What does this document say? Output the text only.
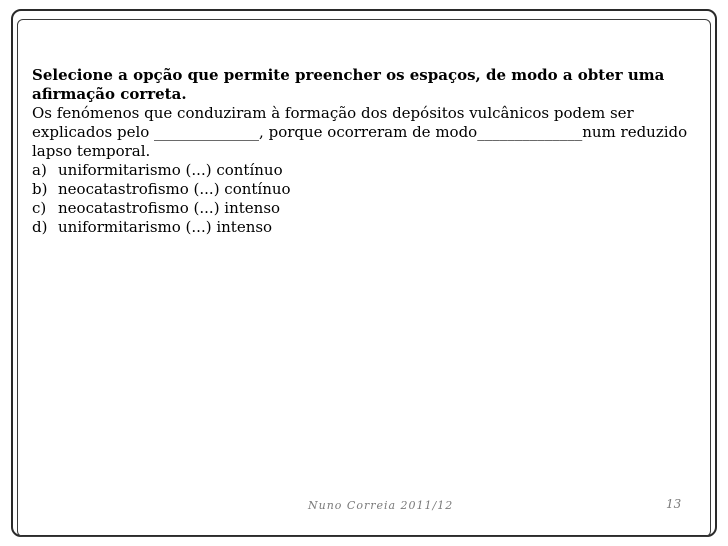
Selecione a opção que permite preencher os espaços, de modo a obter uma

afirmação correta.

Os fenómenos que conduziram à formação dos depósitos vulcânicos podem ser

explicados pelo ______________, porque ocorreram de modo______________num reduzido

lapso temporal.

a) uniformitarismo (...) contínuo
b) neocatastrofismo (...) contínuo
c) neocatastrofismo (...) intenso
d) uniformitarismo (...) intenso
Nuno Correia 2011/12	13
